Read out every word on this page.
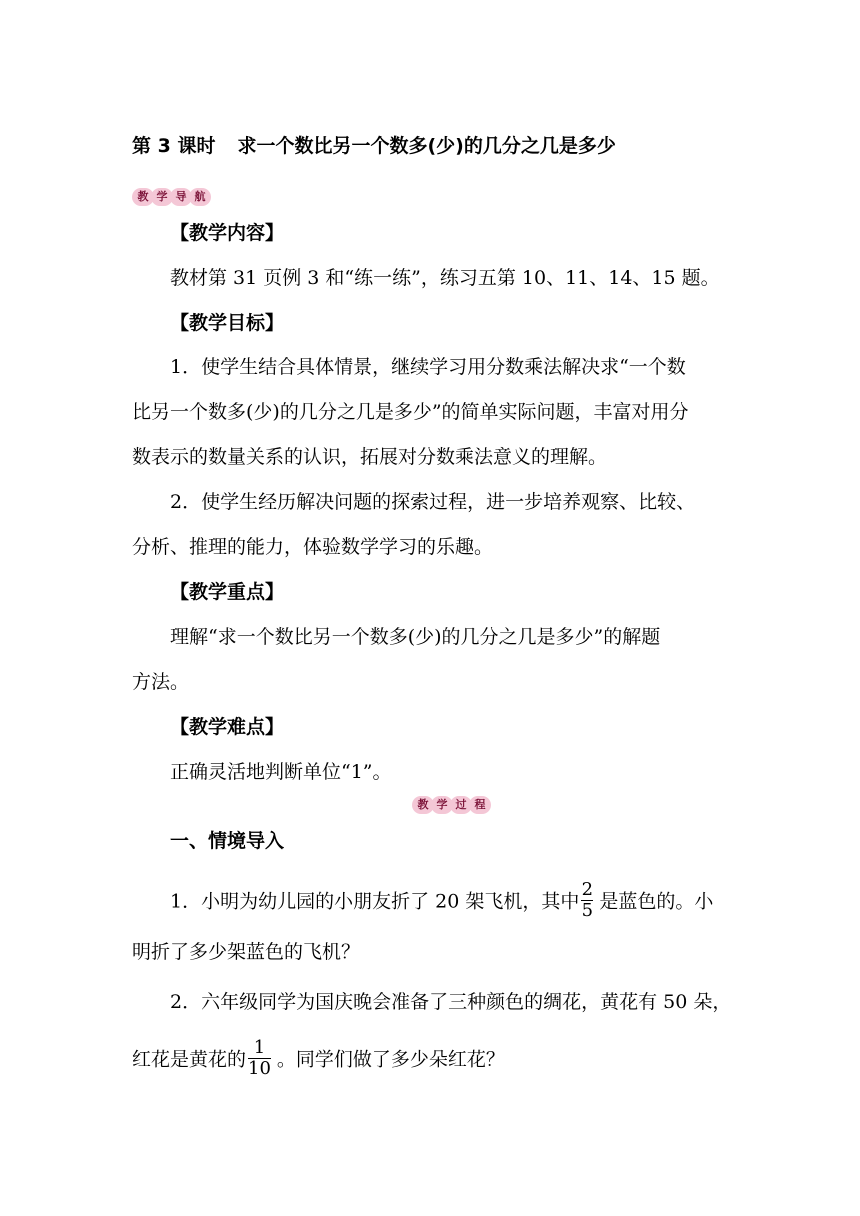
第 3 课时 求一个数比另一个数多(少)的几分之几是多少
教 学 导 航
【教学内容】
教材第 31 页例 3 和“练一练”，练习五第 10、11、14、15 题。
【教学目标】
1．使学生结合具体情景，继续学习用分数乘法解决求“一个数
比另一个数多(少)的几分之几是多少”的简单实际问题，丰富对用分
数表示的数量关系的认识，拓展对分数乘法意义的理解。
2．使学生经历解决问题的探索过程，进一步培养观察、比较、
分析、推理的能力，体验数学学习的乐趣。
【教学重点】
理解“求一个数比另一个数多(少)的几分之几是多少”的解题
方法。
【教学难点】
正确灵活地判断单位“1”。
教 学 过 程
一、情境导入
1．小明为幼儿园的小朋友折了 20 架飞机，其中 $\frac{2}{5}$ 是蓝色的。小
明折了多少架蓝色的飞机？
2．六年级同学为国庆晚会准备了三种颜色的绸花，黄花有 50 朵，
红花是黄花的 $\frac{1}{10}$ 。同学们做了多少朵红花？
